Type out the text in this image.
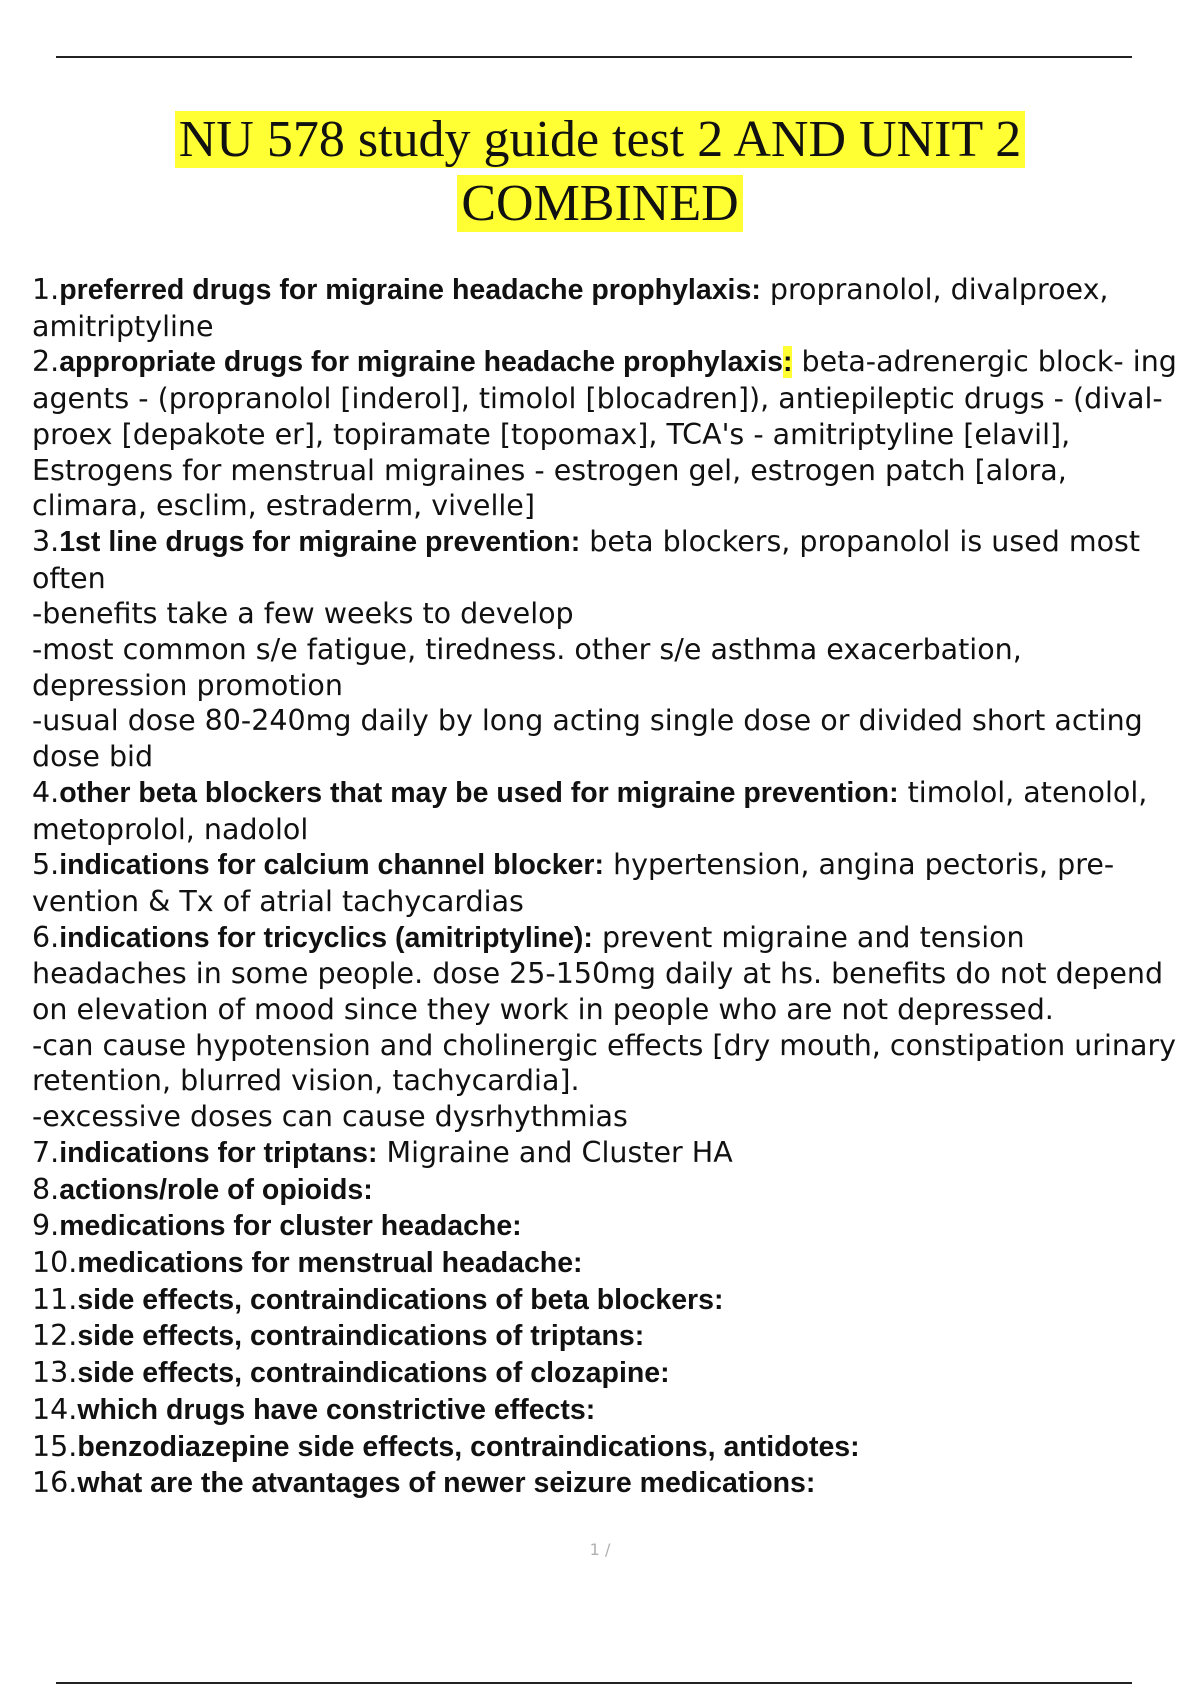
NU 578 study guide test 2 AND UNIT 2
COMBINED
1.preferred drugs for migraine headache prophylaxis: propranolol, divalproex, amitriptyline
2.appropriate drugs for migraine headache prophylaxis: beta-adrenergic block- ing agents - (propranolol [inderol], timolol [blocadren]), antiepileptic drugs - (dival- proex [depakote er], topiramate [topomax], TCA's - amitriptyline [elavil], Estrogens for menstrual migraines - estrogen gel, estrogen patch [alora, climara, esclim, estraderm, vivelle]
3.1st line drugs for migraine prevention: beta blockers, propanolol is used most often
-benefits take a few weeks to develop
-most common s/e fatigue, tiredness. other s/e asthma exacerbation, depression promotion
-usual dose 80-240mg daily by long acting single dose or divided short acting dose bid
4.other beta blockers that may be used for migraine prevention: timolol, atenolol, metoprolol, nadolol
5.indications for calcium channel blocker: hypertension, angina pectoris, pre- vention & Tx of atrial tachycardias
6.indications for tricyclics (amitriptyline): prevent migraine and tension headaches in some people. dose 25-150mg daily at hs. benefits do not depend on elevation of mood since they work in people who are not depressed.
-can cause hypotension and cholinergic effects [dry mouth, constipation urinary retention, blurred vision, tachycardia].
-excessive doses can cause dysrhythmias
7.indications for triptans: Migraine and Cluster HA
8.actions/role of opioids:
9.medications for cluster headache:
10.medications for menstrual headache:
11.side effects, contraindications of beta blockers:
12.side effects, contraindications of triptans:
13.side effects, contraindications of clozapine:
14.which drugs have constrictive effects:
15.benzodiazepine side effects, contraindications, antidotes:
16.what are the atvantages of newer seizure medications:
1 /
